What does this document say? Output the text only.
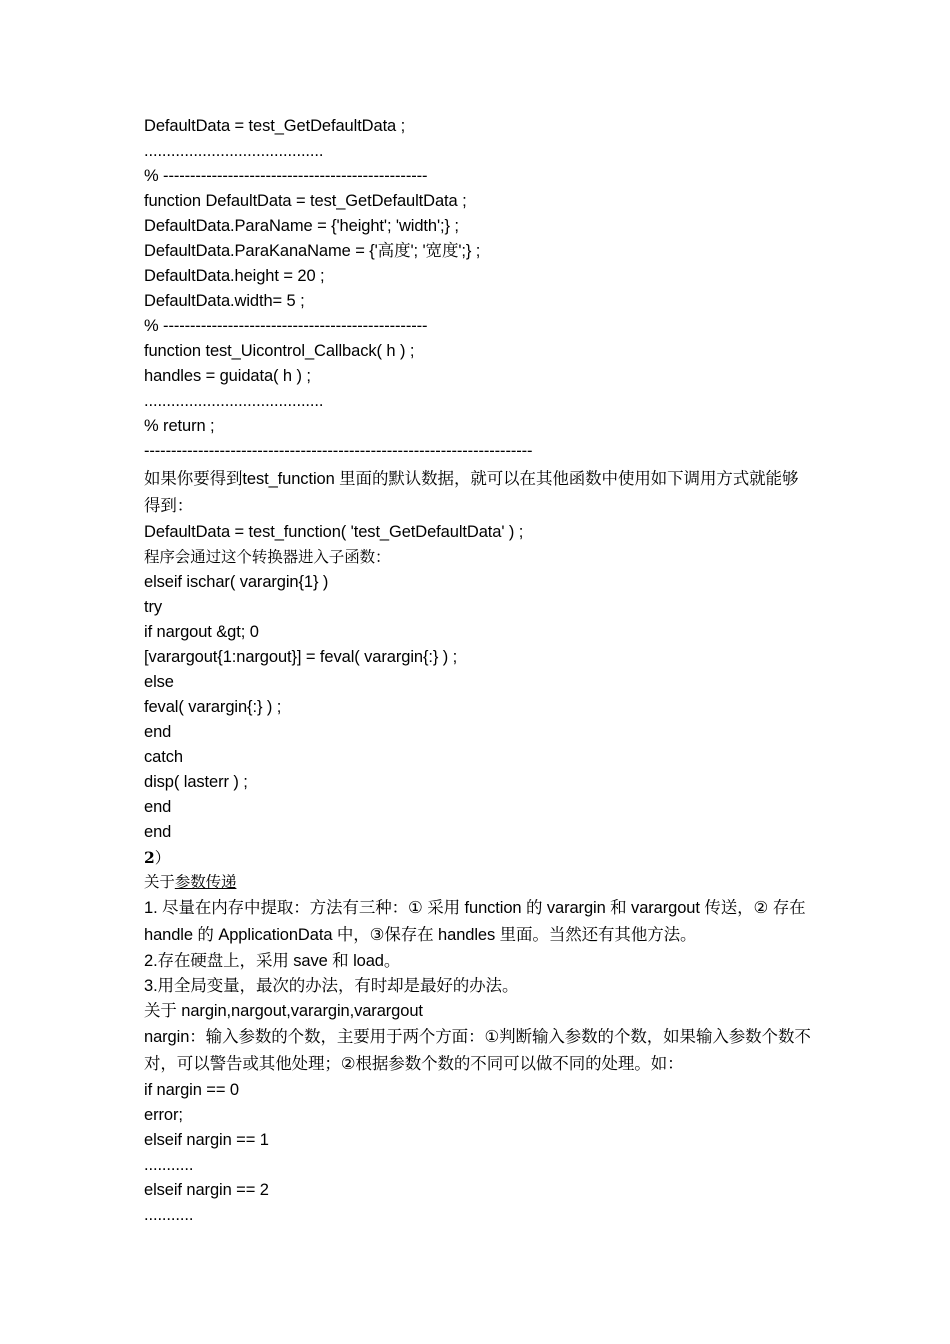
DefaultData = test_GetDefaultData ;
........................................
% -------------------------------------------------
function DefaultData = test_GetDefaultData ;
DefaultData.ParaName = {'height'; 'width';} ;
DefaultData.ParaKanaName = {'高度'; '宽度';} ;
DefaultData.height = 20 ;
DefaultData.width= 5 ;
% -------------------------------------------------
function test_Uicontrol_Callback( h ) ;
handles = guidata( h ) ;
........................................
% return ;
------------------------------------------------------------------------
如果你要得到test_function 里面的默认数据，就可以在其他函数中使用如下调用方式就能够得到：
DefaultData = test_function( 'test_GetDefaultData' ) ;
程序会通过这个转换器进入子函数：
elseif ischar( varargin{1} )
try
if nargout &gt; 0
[varargout{1:nargout}] = feval( varargin{:} ) ;
else
feval( varargin{:} ) ;
end
catch
disp( lasterr ) ;
end
end
2）
关于参数传递
1. 尽量在内存中提取：方法有三种：① 采用 function 的 varargin 和 varargout 传送，② 存在 handle 的 ApplicationData 中，③保存在 handles 里面。当然还有其他方法。
2.存在硬盘上，采用 save 和 load。
3.用全局变量，最次的办法，有时却是最好的办法。
关于 nargin,nargout,varargin,varargout
nargin：输入参数的个数，主要用于两个方面：①判断输入参数的个数，如果输入参数个数不对，可以警告或其他处理；②根据参数个数的不同可以做不同的处理。如：
if nargin == 0
error;
elseif nargin == 1
...........
elseif nargin == 2
...........
